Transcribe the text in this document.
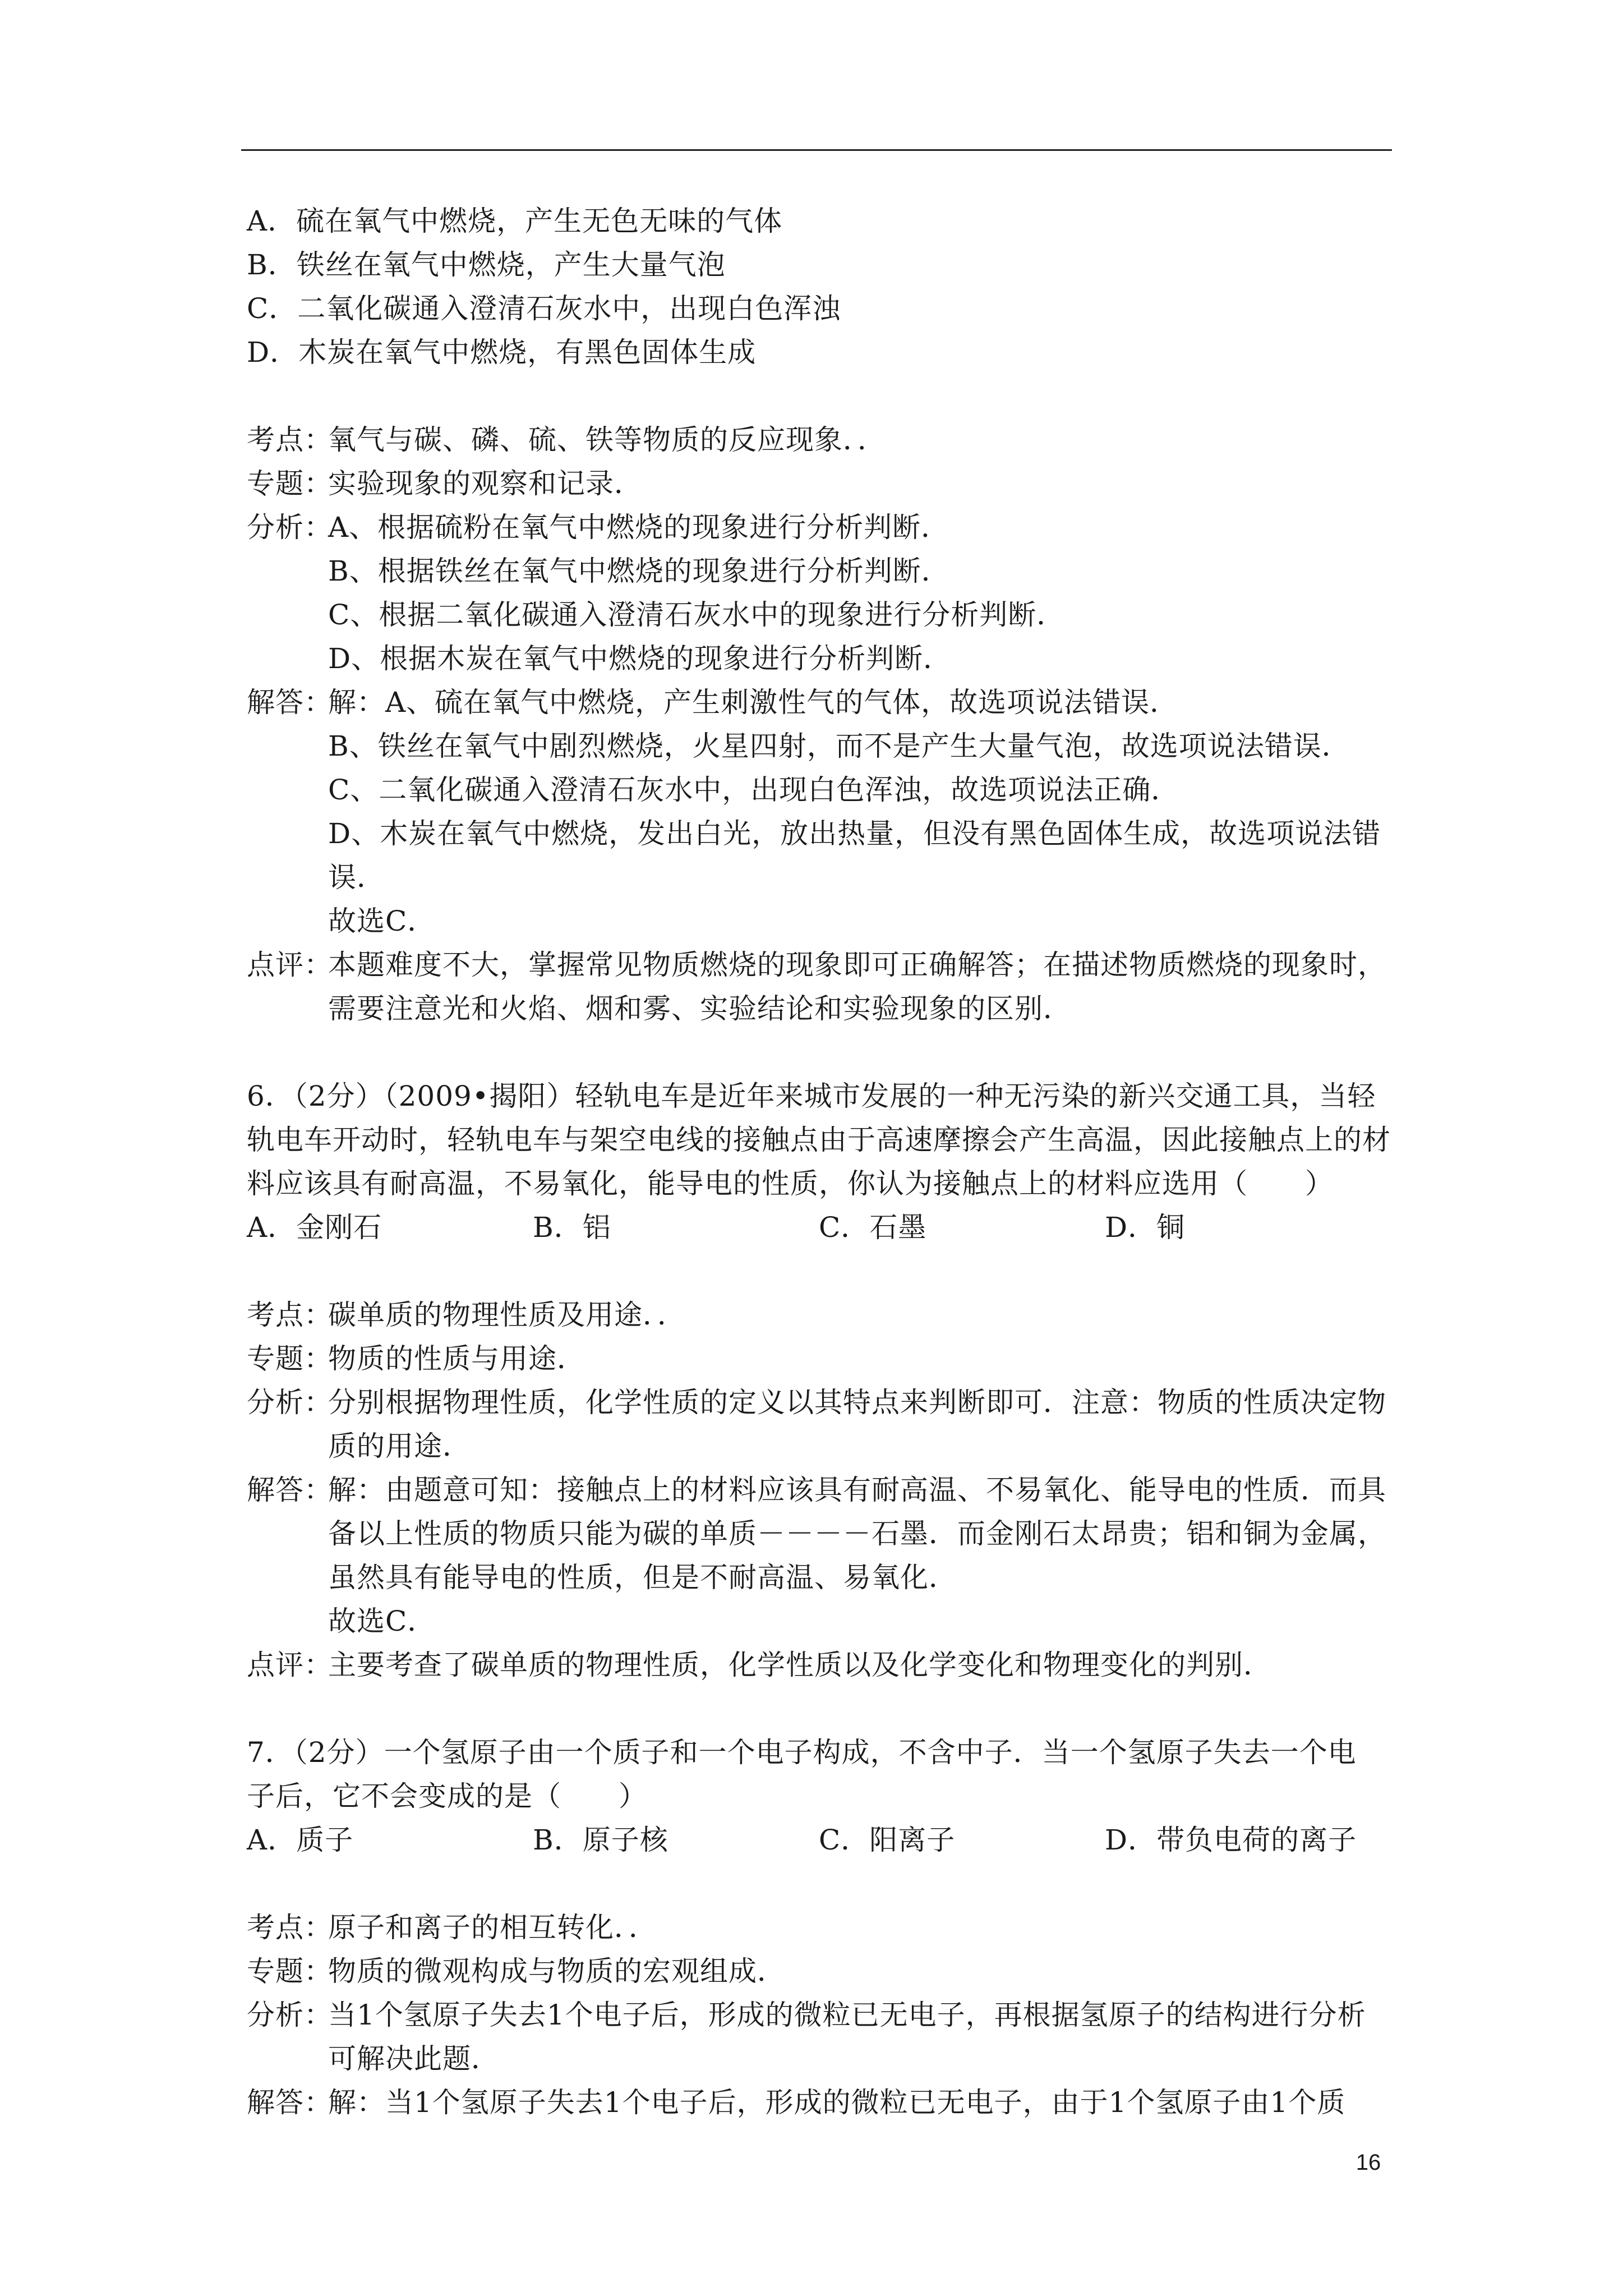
A．硫在氧气中燃烧，产生无色无味的气体
B．铁丝在氧气中燃烧，产生大量气泡
C．二氧化碳通入澄清石灰水中，出现白色浑浊
D．木炭在氧气中燃烧，有黑色固体生成
考点：
氧气与碳、磷、硫、铁等物质的反应现象．．
专题：
实验现象的观察和记录．
分析：
A、根据硫粉在氧气中燃烧的现象进行分析判断．
B、根据铁丝在氧气中燃烧的现象进行分析判断．
C、根据二氧化碳通入澄清石灰水中的现象进行分析判断．
D、根据木炭在氧气中燃烧的现象进行分析判断．
解答：
解：A、硫在氧气中燃烧，产生刺激性气的气体，故选项说法错误．
B、铁丝在氧气中剧烈燃烧，火星四射，而不是产生大量气泡，故选项说法错误．
C、二氧化碳通入澄清石灰水中，出现白色浑浊，故选项说法正确．
D、木炭在氧气中燃烧，发出白光，放出热量，但没有黑色固体生成，故选项说法错
误．
故选C．
点评：
本题难度不大，掌握常见物质燃烧的现象即可正确解答；在描述物质燃烧的现象时，
需要注意光和火焰、烟和雾、实验结论和实验现象的区别．
6．（2分）（2009•揭阳）轻轨电车是近年来城市发展的一种无污染的新兴交通工具，当轻
轨电车开动时，轻轨电车与架空电线的接触点由于高速摩擦会产生高温，因此接触点上的材
料应该具有耐高温，不易氧化，能导电的性质，你认为接触点上的材料应选用（　　）
A．金刚石	B．铝	C．石墨	D．铜
考点：
碳单质的物理性质及用途．．
专题：
物质的性质与用途．
分析：
分别根据物理性质，化学性质的定义以其特点来判断即可．注意：物质的性质决定物
质的用途．
解答：
解：由题意可知：接触点上的材料应该具有耐高温、不易氧化、能导电的性质．而具
备以上性质的物质只能为碳的单质－－－－石墨．而金刚石太昂贵；铝和铜为金属，
虽然具有能导电的性质，但是不耐高温、易氧化．
故选C．
点评：
主要考查了碳单质的物理性质，化学性质以及化学变化和物理变化的判别．
7．（2分）一个氢原子由一个质子和一个电子构成，不含中子．当一个氢原子失去一个电
子后，它不会变成的是（　　）
A．质子	B．原子核	C．阳离子	D．带负电荷的离子
考点：
原子和离子的相互转化．．
专题：
物质的微观构成与物质的宏观组成．
分析：
当1个氢原子失去1个电子后，形成的微粒已无电子，再根据氢原子的结构进行分析
可解决此题．
解答：
解：当1个氢原子失去1个电子后，形成的微粒已无电子，由于1个氢原子由1个质
16
